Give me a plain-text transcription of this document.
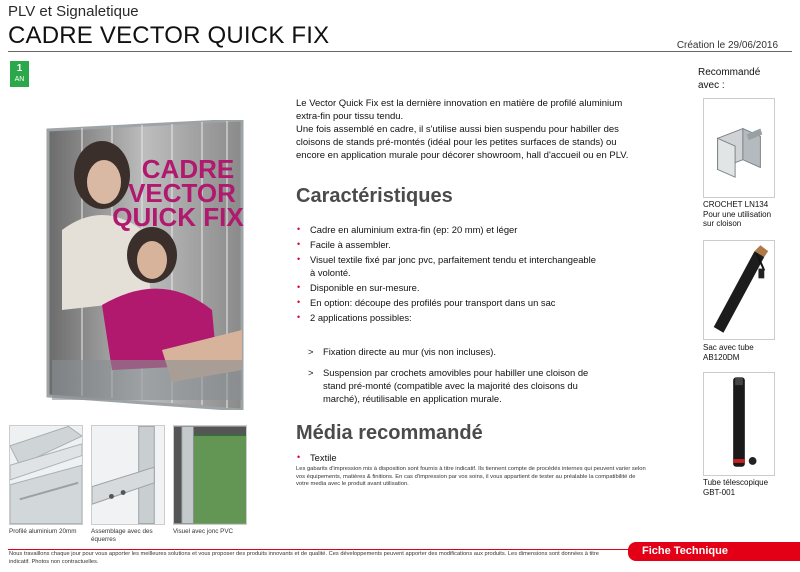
PLV et Signaletique
CADRE VECTOR QUICK FIX	Création le 29/06/2016
1
AN
CADRE
VECTOR
QUICK FIX
Profilé aluminium 20mm	Assemblage avec des équerres
Visuel avec jonc PVC
Le Vector Quick Fix est la dernière innovation en matière de profilé aluminium extra-fin pour tissu tendu.
Une fois assemblé en cadre, il s'utilise aussi bien suspendu pour habiller des cloisons de stands pré-montés (idéal pour les petites surfaces de stands) ou encore en application murale pour décorer showroom, hall d'accueil ou en PLV.
Caractéristiques
• Cadre en aluminium extra-fin (ep: 20 mm) et léger
• Facile à assembler.
• Visuel textile fixé par jonc pvc, parfaitement tendu et interchangeable à volonté.
• Disponible en sur-mesure.
• En option: découpe des profilés pour transport dans un sac
• 2 applications possibles:
> Fixation directe au mur (vis non incluses).
> Suspension par crochets amovibles pour habiller une cloison de stand pré-monté (compatible avec la majorité des cloisons du marché), réutilisable en application murale.
Média recommandé
• Textile
Les gabarits d'impression mis à disposition sont fournis à titre indicatif. Ils tiennent compte de procédés internes qui peuvent varier selon vos équipements, matières & finitions. En cas d'impression par vos soins, il vous appartient de tester au préalable la compatibilité de votre media avec le produit avant utilisation.
Recommandé avec :
CROCHET LN134 Pour une utilisation sur cloison
Sac avec tube AB120DM
Tube télescopique GBT-001
Nous travaillons chaque jour pour vous apporter les meilleures solutions et vous proposer des produits innovants et de qualité. Ces développements peuvent apporter des modifications aux produits. Les dimensions sont données à titre indicatif. Photos non contractuelles.
Fiche Technique
